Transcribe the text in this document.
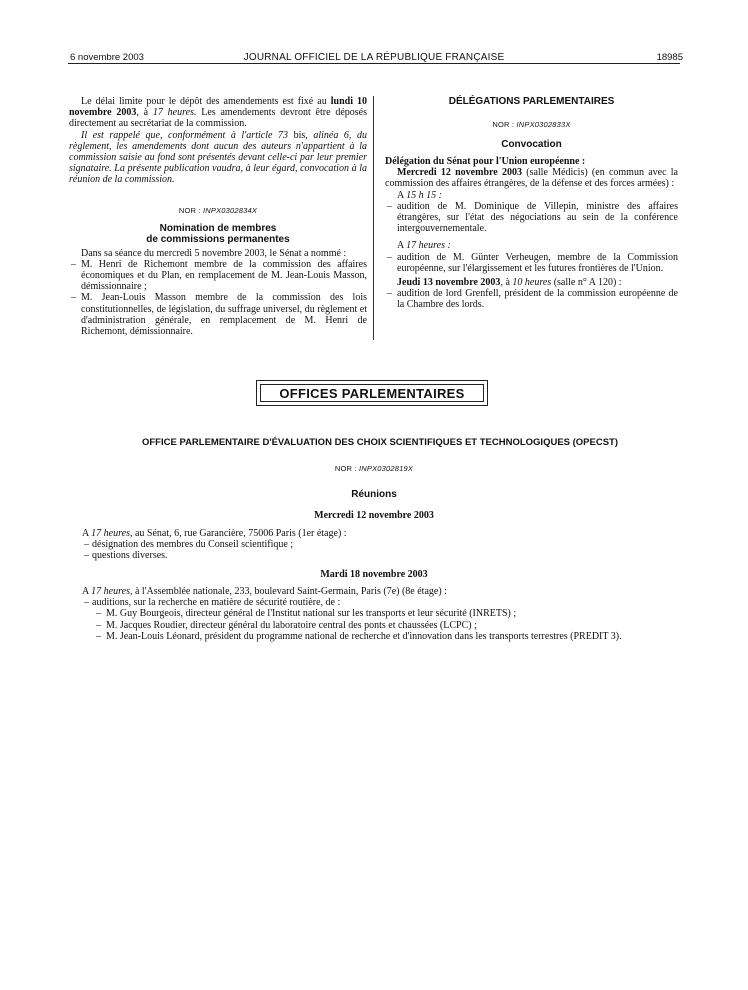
6 novembre 2003	JOURNAL OFFICIEL DE LA RÉPUBLIQUE FRANÇAISE	18985

Le délai limite pour le dépôt des amendements est fixé au lundi 10 novembre 2003, à 17 heures. Les amendements devront être déposés directement au secrétariat de la commission.

Il est rappelé que, conformément à l'article 73 bis, alinéa 6, du règlement, les amendements dont aucun des auteurs n'appartient à la commission saisie au fond sont présentés devant celle-ci par leur premier signataire. La présente publication vaudra, à leur égard, convocation à la réunion de la commission.

NOR : INPX0302834X

Nomination de membres
de commissions permanentes

Dans sa séance du mercredi 5 novembre 2003, le Sénat a nommé :

– M. Henri de Richemont membre de la commission des affaires économiques et du Plan, en remplacement de M. Jean-Louis Masson, démissionnaire ;

– M. Jean-Louis Masson membre de la commission des lois constitutionnelles, de législation, du suffrage universel, du règlement et d'administration générale, en remplacement de M. Henri de Richemont, démissionnaire.

DÉLÉGATIONS PARLEMENTAIRES

NOR : INPX0302833X

Convocation

Délégation du Sénat pour l'Union européenne :

Mercredi 12 novembre 2003 (salle Médicis) (en commun avec la commission des affaires étrangères, de la défense et des forces armées) :

A 15 h 15 :

– audition de M. Dominique de Villepin, ministre des affaires étrangères, sur l'état des négociations au sein de la conférence intergouvernementale.

A 17 heures :

– audition de M. Günter Verheugen, membre de la Commission européenne, sur l'élargissement et les futures frontières de l'Union.

Jeudi 13 novembre 2003, à 10 heures (salle n° A 120) :

– audition de lord Grenfell, président de la commission européenne de la Chambre des lords.

OFFICES PARLEMENTAIRES

OFFICE PARLEMENTAIRE D'ÉVALUATION DES CHOIX SCIENTIFIQUES ET TECHNOLOGIQUES (OPECST)

NOR : INPX0302819X

Réunions

Mercredi 12 novembre 2003

A 17 heures, au Sénat, 6, rue Garancière, 75006 Paris (1er étage) :

– désignation des membres du Conseil scientifique ;

– questions diverses.

Mardi 18 novembre 2003

A 17 heures, à l'Assemblée nationale, 233, boulevard Saint-Germain, Paris (7e) (8e étage) :

– auditions, sur la recherche en matière de sécurité routière, de :

– M. Guy Bourgeois, directeur général de l'Institut national sur les transports et leur sécurité (INRETS) ;

– M. Jacques Roudier, directeur général du laboratoire central des ponts et chaussées (LCPC) ;

– M. Jean-Louis Léonard, président du programme national de recherche et d'innovation dans les transports terrestres (PREDIT 3).
